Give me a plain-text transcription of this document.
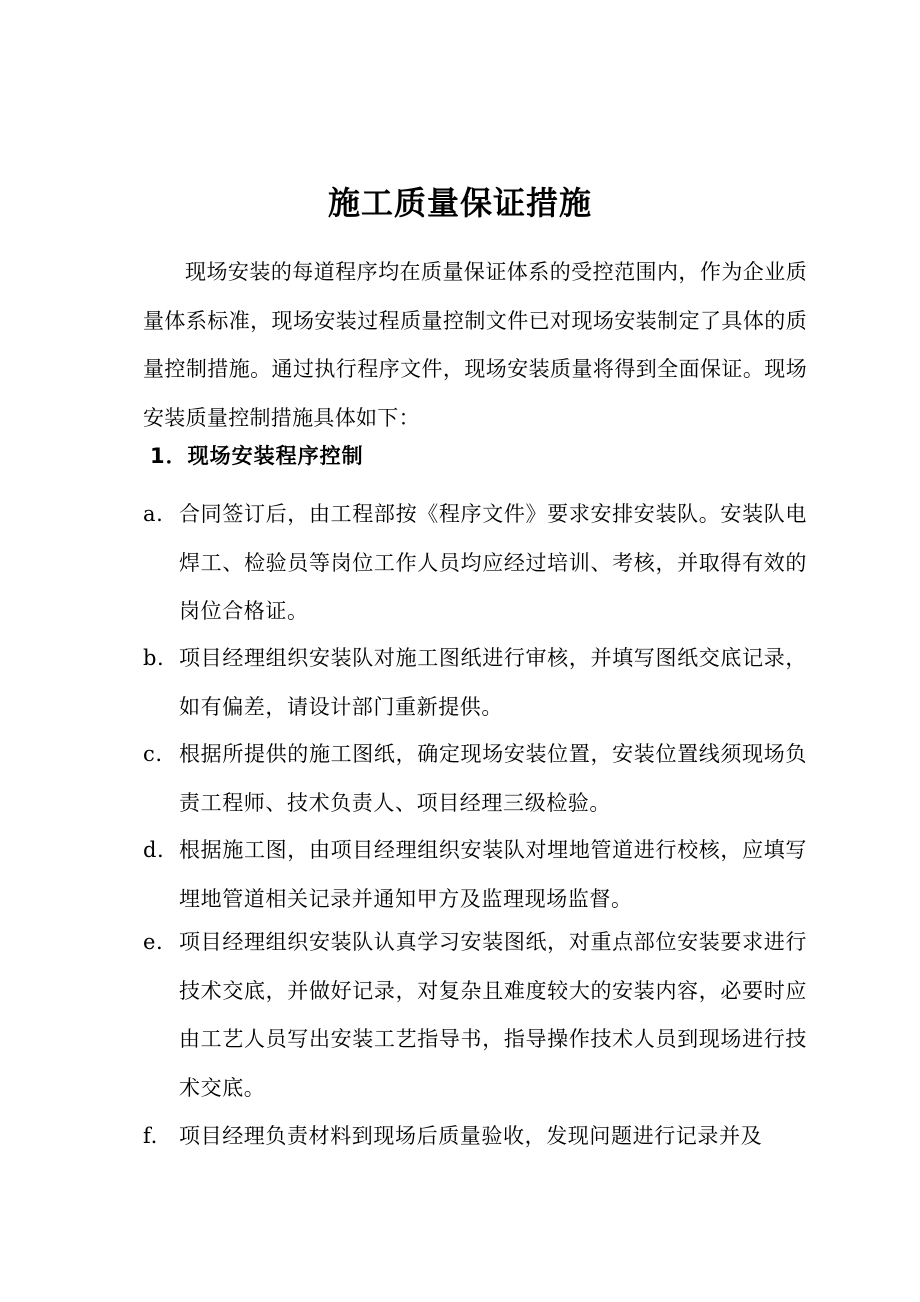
施工质量保证措施

现场安装的每道程序均在质量保证体系的受控范围内，作为企业质量体系标准，现场安装过程质量控制文件已对现场安装制定了具体的质量控制措施。通过执行程序文件，现场安装质量将得到全面保证。现场安装质量控制措施具体如下：

1．现场安装程序控制
a. 合同签订后，由工程部按《程序文件》要求安排安装队。安装队电焊工、检验员等岗位工作人员均应经过培训、考核，并取得有效的岗位合格证。
b. 项目经理组织安装队对施工图纸进行审核，并填写图纸交底记录，如有偏差，请设计部门重新提供。
c. 根据所提供的施工图纸，确定现场安装位置，安装位置线须现场负责工程师、技术负责人、项目经理三级检验。
d. 根据施工图，由项目经理组织安装队对埋地管道进行校核，应填写埋地管道相关记录并通知甲方及监理现场监督。
e. 项目经理组织安装队认真学习安装图纸，对重点部位安装要求进行技术交底，并做好记录，对复杂且难度较大的安装内容，必要时应由工艺人员写出安装工艺指导书，指导操作技术人员到现场进行技术交底。
f.	项目经理负责材料到现场后质量验收，发现问题进行记录并及
